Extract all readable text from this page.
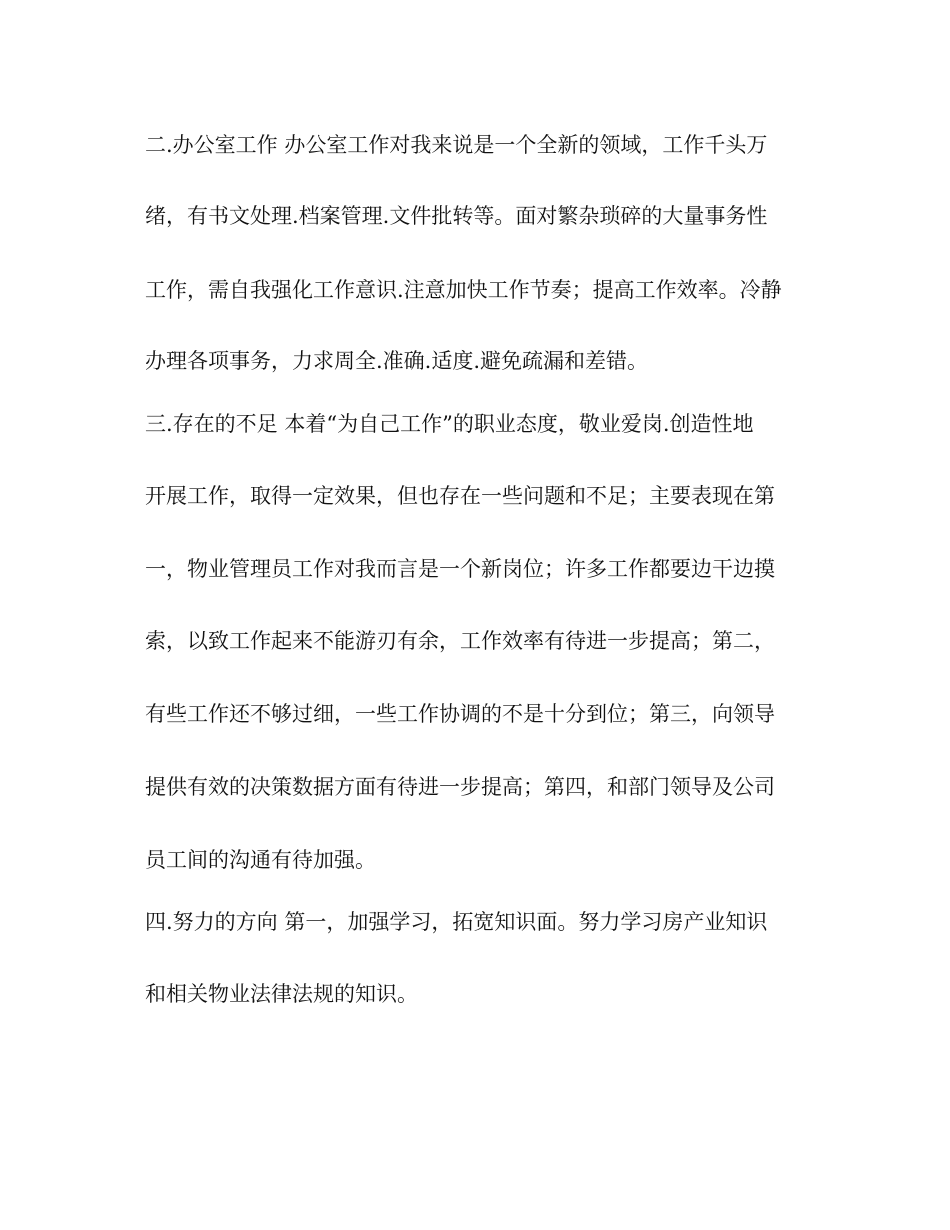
二.办公室工作 办公室工作对我来说是一个全新的领域，工作千头万
绪，有书文处理.档案管理.文件批转等。面对繁杂琐碎的大量事务性
工作，需自我强化工作意识.注意加快工作节奏；提高工作效率。冷静
办理各项事务，力求周全.准确.适度.避免疏漏和差错。
三.存在的不足 本着“为自己工作”的职业态度，敬业爱岗.创造性地
开展工作，取得一定效果，但也存在一些问题和不足；主要表现在第
一，物业管理员工作对我而言是一个新岗位；许多工作都要边干边摸
索，以致工作起来不能游刃有余，工作效率有待进一步提高；第二，
有些工作还不够过细，一些工作协调的不是十分到位；第三，向领导
提供有效的决策数据方面有待进一步提高；第四，和部门领导及公司
员工间的沟通有待加强。
四.努力的方向 第一，加强学习，拓宽知识面。努力学习房产业知识
和相关物业法律法规的知识。
